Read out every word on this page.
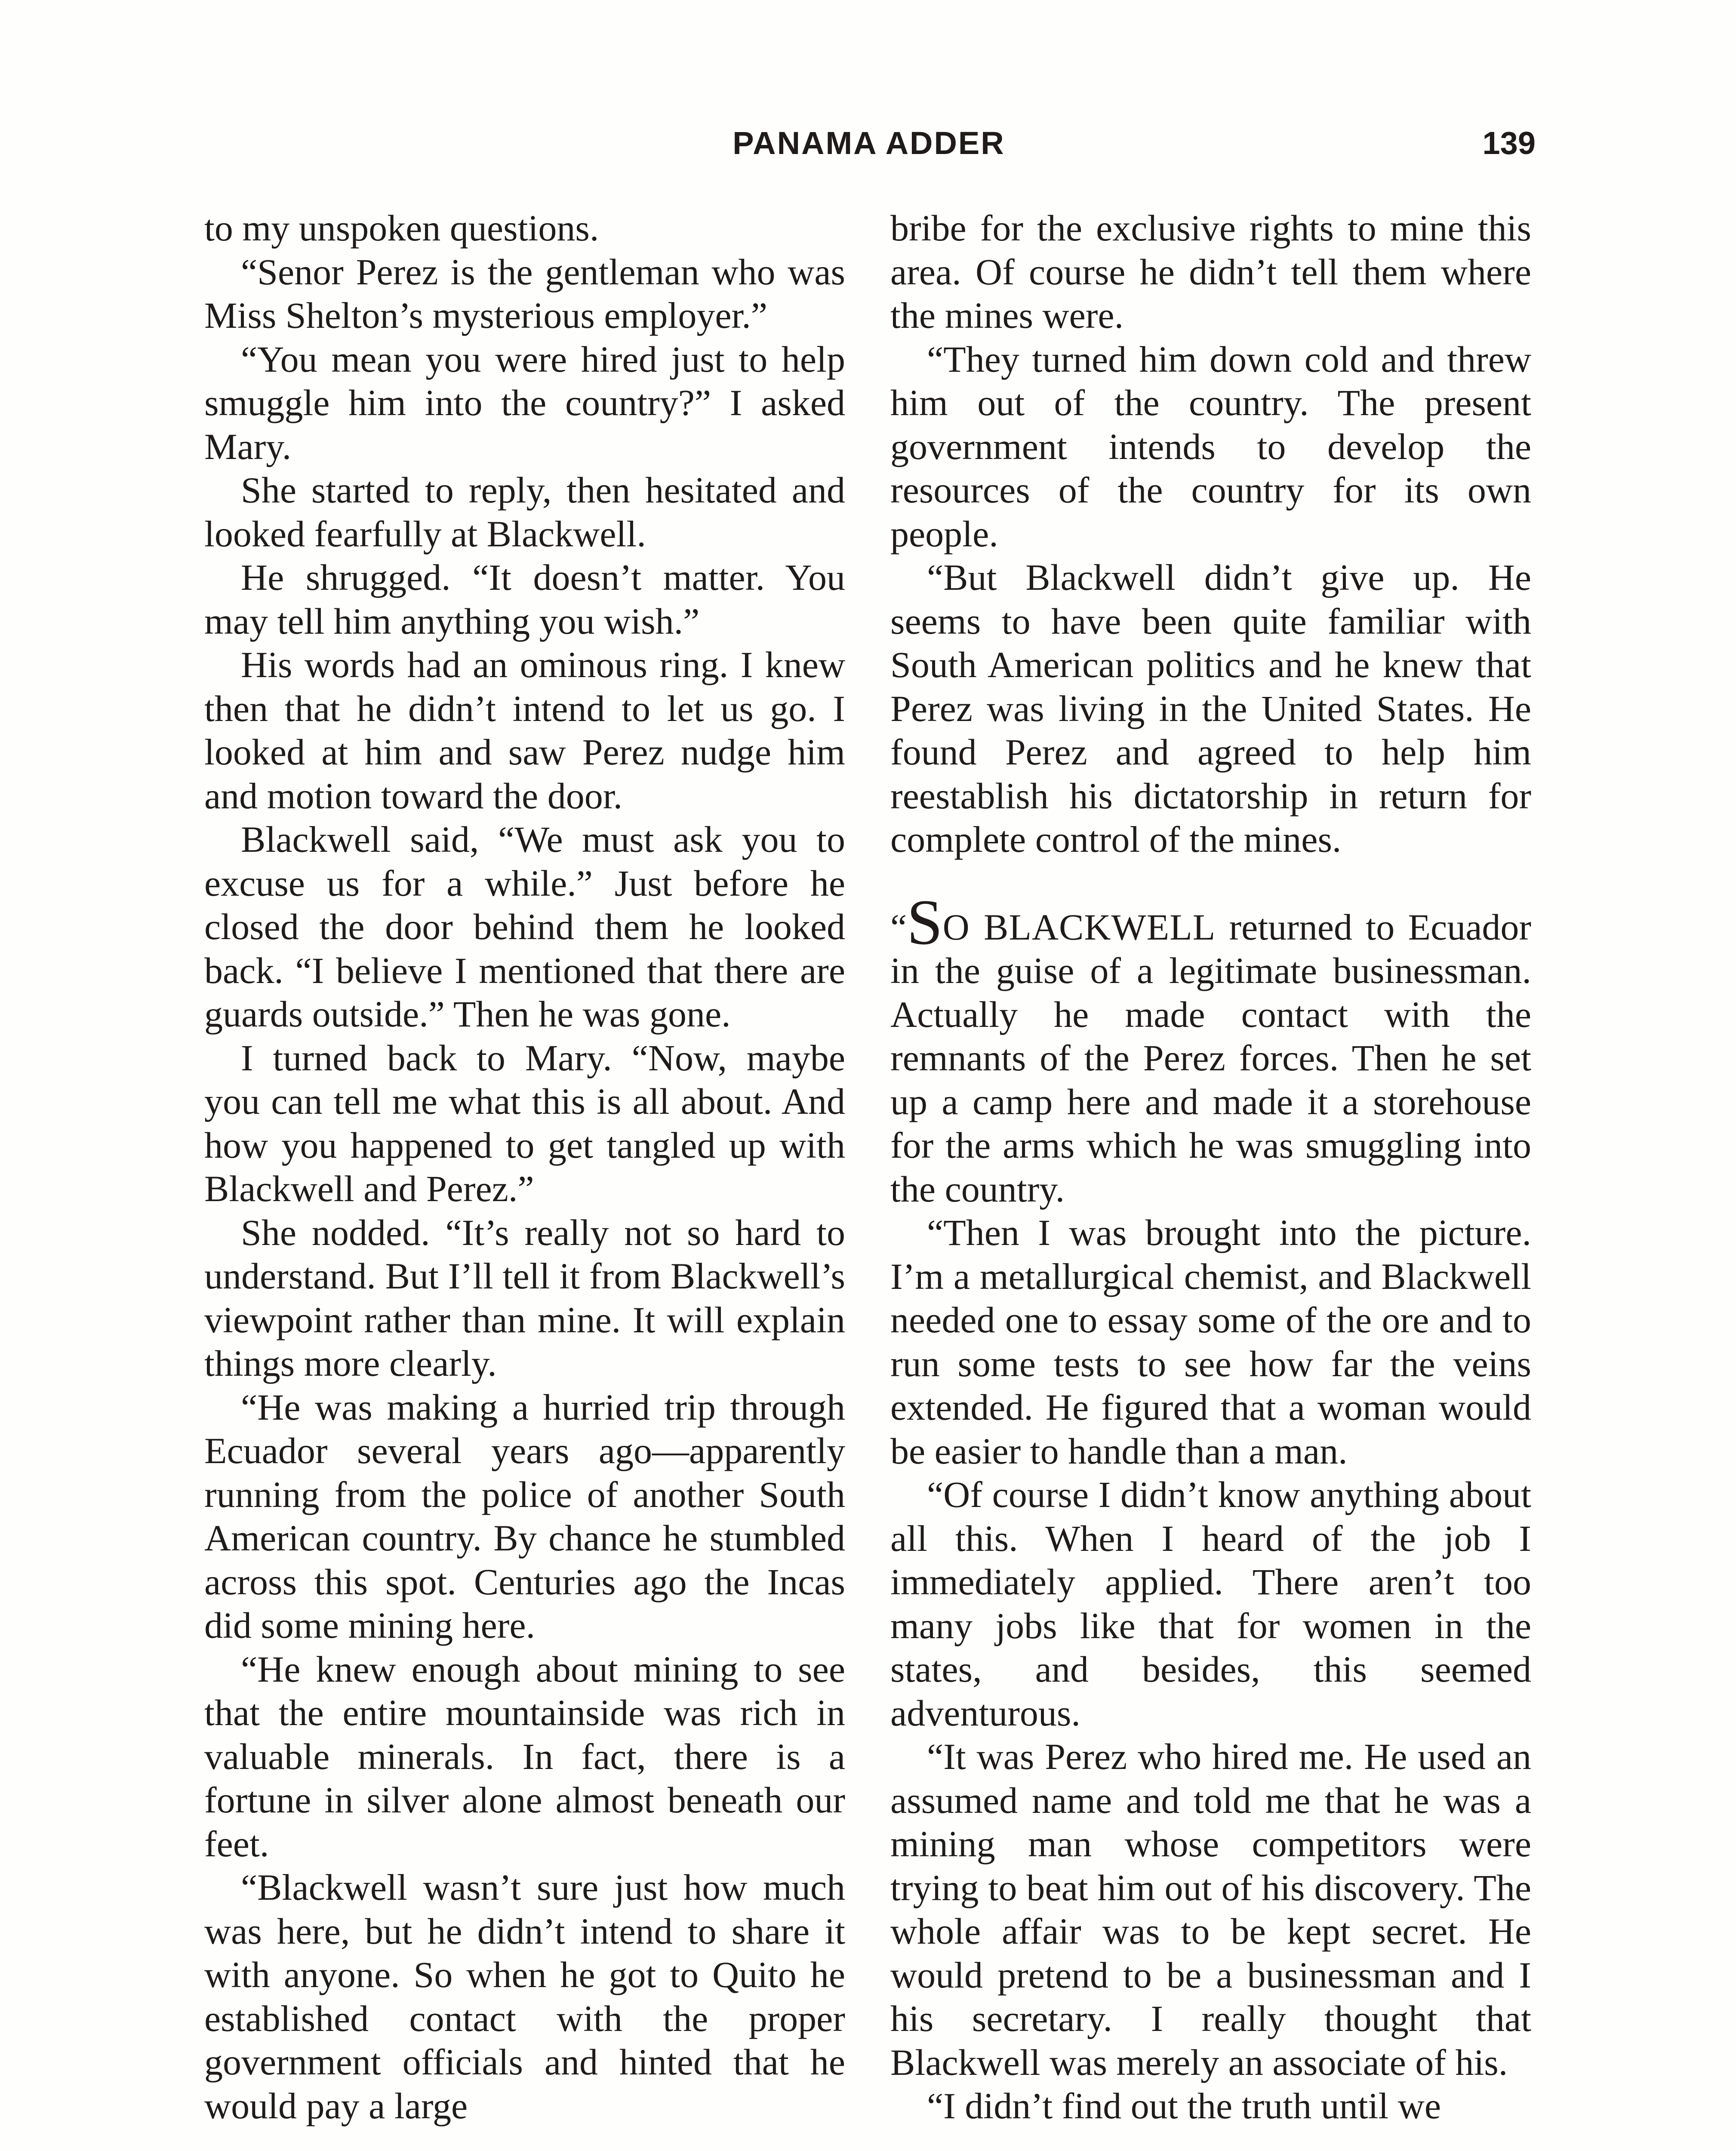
PANAMA ADDER	139

to my unspoken questions.

“Senor Perez is the gentleman who was Miss Shelton’s mysterious employer.”

“You mean you were hired just to help smuggle him into the country?” I asked Mary.

She started to reply, then hesitated and looked fearfully at Blackwell.

He shrugged. “It doesn’t matter. You may tell him anything you wish.”

His words had an ominous ring. I knew then that he didn’t intend to let us go. I looked at him and saw Perez nudge him and motion toward the door.

Blackwell said, “We must ask you to excuse us for a while.” Just before he closed the door behind them he looked back. “I believe I mentioned that there are guards outside.” Then he was gone.

I turned back to Mary. “Now, maybe you can tell me what this is all about. And how you happened to get tangled up with Blackwell and Perez.”

She nodded. “It’s really not so hard to understand. But I’ll tell it from Blackwell’s viewpoint rather than mine. It will explain things more clearly.

“He was making a hurried trip through Ecuador several years ago—apparently running from the police of another South American country. By chance he stumbled across this spot. Centuries ago the Incas did some mining here.

“He knew enough about mining to see that the entire mountainside was rich in valuable minerals. In fact, there is a fortune in silver alone almost beneath our feet.

“Blackwell wasn’t sure just how much was here, but he didn’t intend to share it with anyone. So when he got to Quito he established contact with the proper government officials and hinted that he would pay a large

bribe for the exclusive rights to mine this area. Of course he didn’t tell them where the mines were.

“They turned him down cold and threw him out of the country. The present government intends to develop the resources of the country for its own people.

“But Blackwell didn’t give up. He seems to have been quite familiar with South American politics and he knew that Perez was living in the United States. He found Perez and agreed to help him reestablish his dictatorship in return for complete control of the mines.

“SO BLACKWELL returned to Ecuador in the guise of a legitimate businessman. Actually he made contact with the remnants of the Perez forces. Then he set up a camp here and made it a storehouse for the arms which he was smuggling into the country.

“Then I was brought into the picture. I’m a metallurgical chemist, and Blackwell needed one to essay some of the ore and to run some tests to see how far the veins extended. He figured that a woman would be easier to handle than a man.

“Of course I didn’t know anything about all this. When I heard of the job I immediately applied. There aren’t too many jobs like that for women in the states, and besides, this seemed adventurous.

“It was Perez who hired me. He used an assumed name and told me that he was a mining man whose competitors were trying to beat him out of his discovery. The whole affair was to be kept secret. He would pretend to be a businessman and I his secretary. I really thought that Blackwell was merely an associate of his.

“I didn’t find out the truth until we
